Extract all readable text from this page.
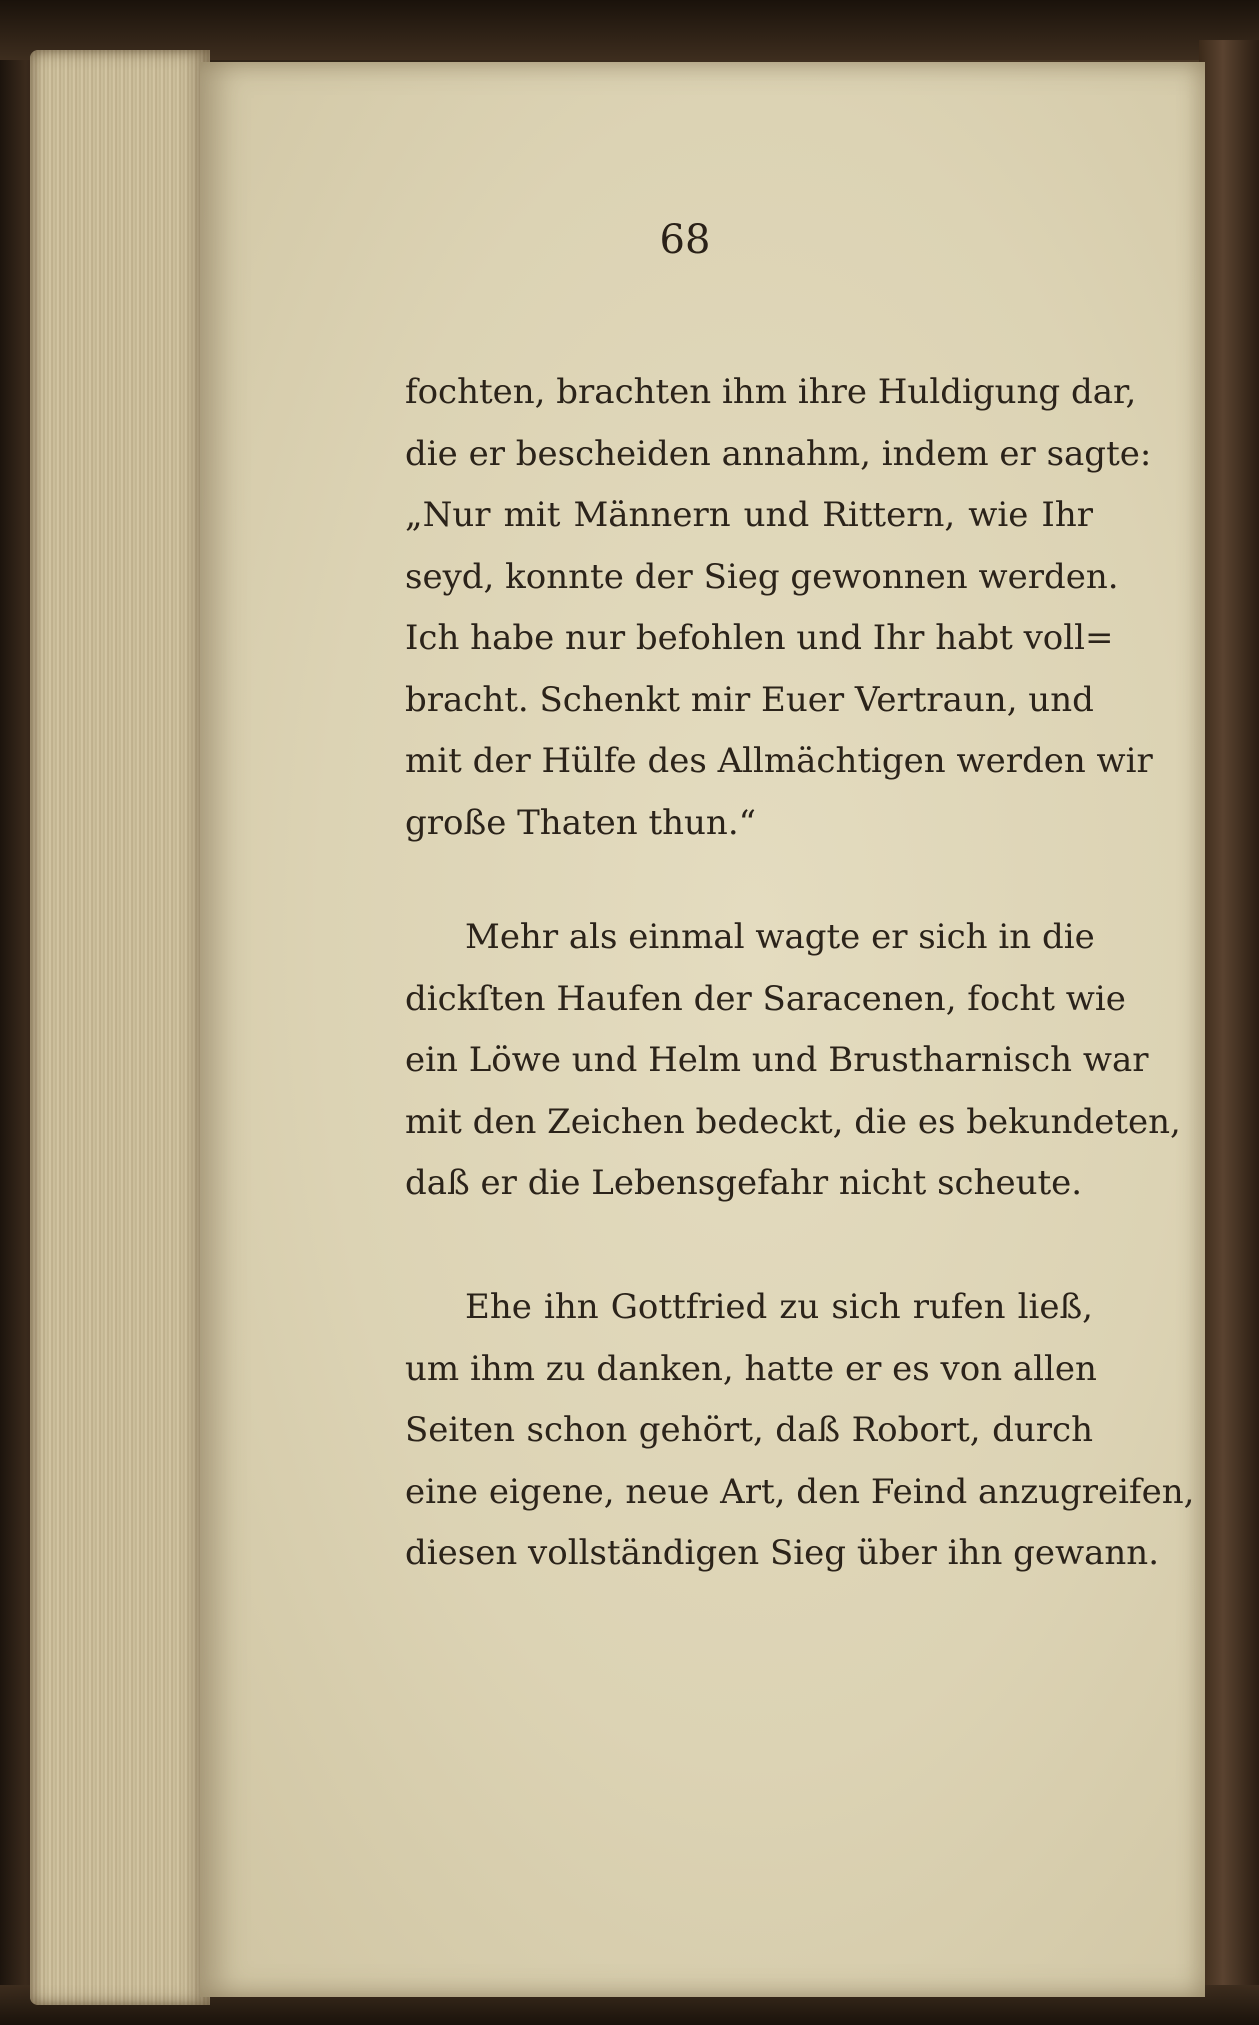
68

fochten, brachten ihm ihre Huldigung dar,
die er bescheiden annahm, indem er sagte:
„Nur mit Männern und Rittern, wie Ihr
seyd, konnte der Sieg gewonnen werden.
Ich habe nur befohlen und Ihr habt voll=
bracht. Schenkt mir Euer Vertraun, und
mit der Hülfe des Allmächtigen werden wir
große Thaten thun.“
Mehr als einmal wagte er sich in die
dickſten Haufen der Saracenen, focht wie
ein Löwe und Helm und Brustharnisch war
mit den Zeichen bedeckt, die es bekundeten,
daß er die Lebensgefahr nicht scheute.
Ehe ihn Gottfried zu sich rufen ließ,
um ihm zu danken, hatte er es von allen
Seiten schon gehört, daß Robort, durch
eine eigene, neue Art, den Feind anzugreifen,
diesen vollständigen Sieg über ihn gewann.
